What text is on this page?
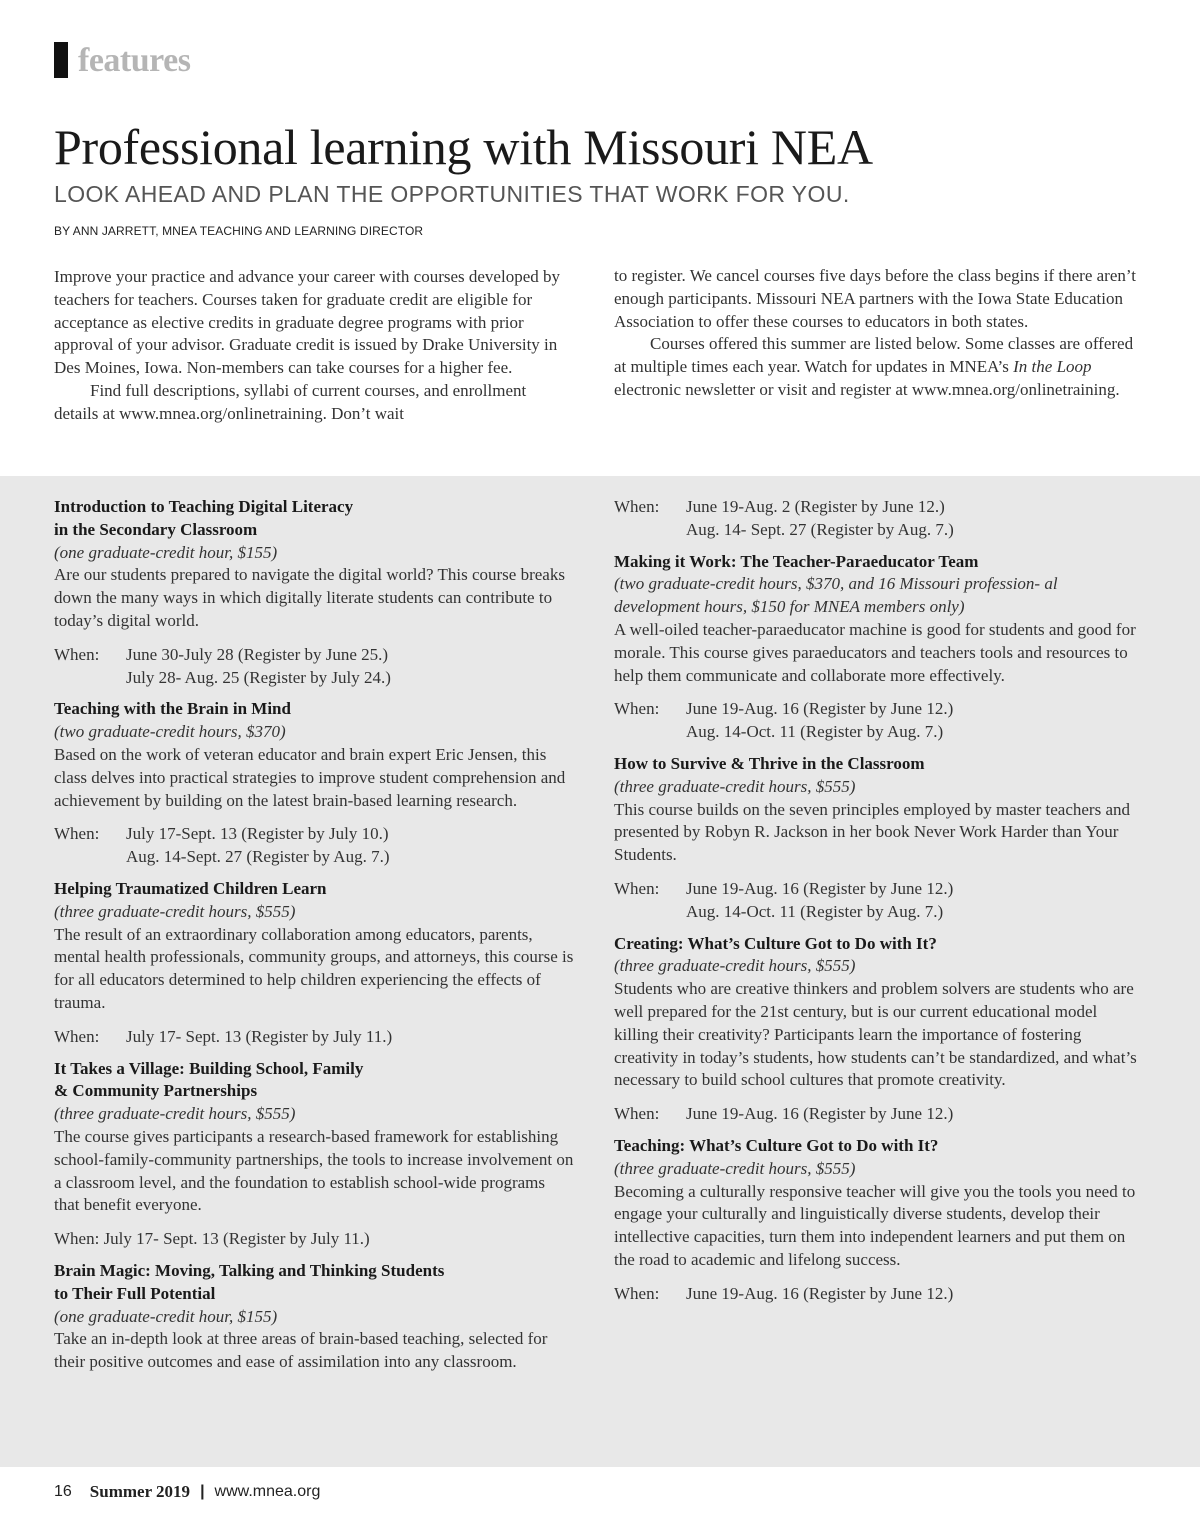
features
Professional learning with Missouri NEA
LOOK AHEAD AND PLAN THE OPPORTUNITIES THAT WORK FOR YOU.
BY ANN JARRETT, MNEA TEACHING AND LEARNING DIRECTOR

Improve your practice and advance your career with courses developed by teachers for teachers. Courses taken for graduate credit are eligible for acceptance as elective credits in graduate degree programs with prior approval of your advisor. Graduate credit is issued by Drake University in Des Moines, Iowa. Non-members can take courses for a higher fee.

Find full descriptions, syllabi of current courses, and enrollment details at www.mnea.org/onlinetraining. Don’t wait

to register. We cancel courses five days before the class begins if there aren’t enough participants. Missouri NEA partners with the Iowa State Education Association to offer these courses to educators in both states.

Courses offered this summer are listed below. Some classes are offered at multiple times each year. Watch for updates in MNEA’s In the Loop electronic newsletter or visit and register at www.mnea.org/onlinetraining.

Introduction to Teaching Digital Literacy
in the Secondary Classroom
(one graduate-credit hour, $155)
Are our students prepared to navigate the digital world? This course breaks down the many ways in which digitally literate students can contribute to today’s digital world.
When:	June 30-July 28 (Register by June 25.)
July 28- Aug. 25 (Register by July 24.)
Teaching with the Brain in Mind
(two graduate-credit hours, $370)
Based on the work of veteran educator and brain expert Eric Jensen, this class delves into practical strategies to improve student comprehension and achievement by building on the latest brain-based learning research.
When:	July 17-Sept. 13 (Register by July 10.)
Aug. 14-Sept. 27 (Register by Aug. 7.)
Helping Traumatized Children Learn
(three graduate-credit hours, $555)
The result of an extraordinary collaboration among educators, parents, mental health professionals, community groups, and attorneys, this course is for all educators determined to help children experiencing the effects of trauma.
When:	July 17- Sept. 13 (Register by July 11.)
It Takes a Village: Building School, Family
& Community Partnerships
(three graduate-credit hours, $555)
The course gives participants a research-based framework for establishing school-family-community partnerships, the tools to increase involvement on a classroom level, and the foundation to establish school-wide programs that benefit everyone.
When: July 17- Sept. 13 (Register by July 11.)
Brain Magic: Moving, Talking and Thinking Students
to Their Full Potential
(one graduate-credit hour, $155)
Take an in-depth look at three areas of brain-based teaching, selected for their positive outcomes and ease of assimilation into any classroom.
When:	June 19-Aug. 2 (Register by June 12.)
Aug. 14- Sept. 27 (Register by Aug. 7.)
Making it Work: The Teacher-Paraeducator Team
(two graduate-credit hours, $370, and 16 Missouri profession- al development hours, $150 for MNEA members only)
A well-oiled teacher-paraeducator machine is good for students and good for morale. This course gives paraeducators and teachers tools and resources to help them communicate and collaborate more effectively.
When:	June 19-Aug. 16 (Register by June 12.)
Aug. 14-Oct. 11 (Register by Aug. 7.)
How to Survive & Thrive in the Classroom
(three graduate-credit hours, $555)
This course builds on the seven principles employed by master teachers and presented by Robyn R. Jackson in her book Never Work Harder than Your Students.
When:	June 19-Aug. 16 (Register by June 12.)
Aug. 14-Oct. 11 (Register by Aug. 7.)
Creating: What’s Culture Got to Do with It?
(three graduate-credit hours, $555)
Students who are creative thinkers and problem solvers are students who are well prepared for the 21st century, but is our current educational model killing their creativity? Participants learn the importance of fostering creativity in today’s students, how students can’t be standardized, and what’s necessary to build school cultures that promote creativity.
When:	June 19-Aug. 16 (Register by June 12.)
Teaching: What’s Culture Got to Do with It?
(three graduate-credit hours, $555)
Becoming a culturally responsive teacher will give you the tools you need to engage your culturally and linguistically diverse students, develop their intellective capacities, turn them into independent learners and put them on the road to academic and lifelong success.
When:	June 19-Aug. 16 (Register by June 12.)
16 Summer 2019 | www.mnea.org
